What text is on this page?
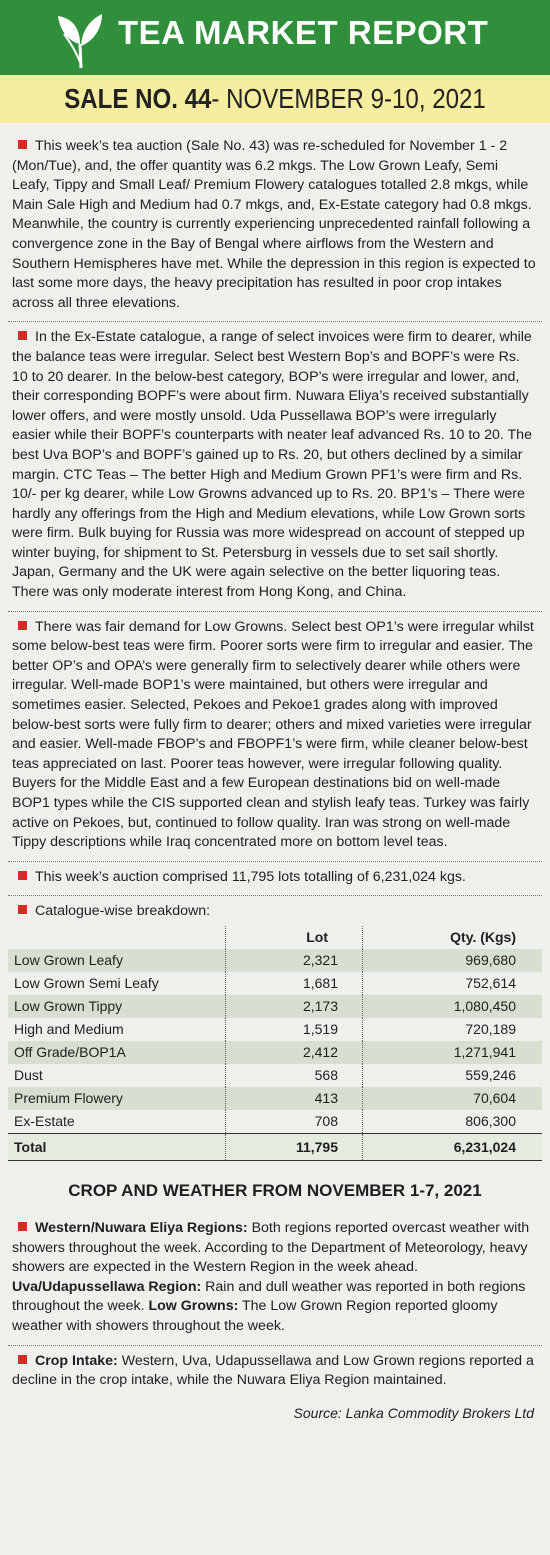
TEA MARKET REPORT
SALE NO. 44- NOVEMBER 9-10, 2021

This week’s tea auction (Sale No. 43) was re-scheduled for November 1 - 2 (Mon/Tue), and, the offer quantity was 6.2 mkgs. The Low Grown Leafy, Semi Leafy, Tippy and Small Leaf/ Premium Flowery catalogues totalled 2.8 mkgs, while Main Sale High and Medium had 0.7 mkgs, and, Ex-Estate category had 0.8 mkgs. Meanwhile, the country is currently experiencing unprecedented rainfall following a convergence zone in the Bay of Bengal where airflows from the Western and Southern Hemispheres have met. While the depression in this region is expected to last some more days, the heavy precipitation has resulted in poor crop intakes across all three elevations.

In the Ex-Estate catalogue, a range of select invoices were firm to dearer, while the balance teas were irregular. Select best Western Bop’s and BOPF’s were Rs. 10 to 20 dearer. In the below-best category, BOP’s were irregular and lower, and, their corresponding BOPF’s were about firm. Nuwara Eliya’s received substantially lower offers, and were mostly unsold. Uda Pussellawa BOP’s were irregularly easier while their BOPF’s counterparts with neater leaf advanced Rs. 10 to 20. The best Uva BOP’s and BOPF’s gained up to Rs. 20, but others declined by a similar margin. CTC Teas – The better High and Medium Grown PF1’s were firm and Rs. 10/- per kg dearer, while Low Growns advanced up to Rs. 20. BP1’s – There were hardly any offerings from the High and Medium elevations, while Low Grown sorts were firm. Bulk buying for Russia was more widespread on account of stepped up winter buying, for shipment to St. Petersburg in vessels due to set sail shortly. Japan, Germany and the UK were again selective on the better liquoring teas. There was only moderate interest from Hong Kong, and China.

There was fair demand for Low Growns. Select best OP1’s were irregular whilst some below-best teas were firm. Poorer sorts were firm to irregular and easier. The better OP’s and OPA’s were generally firm to selectively dearer while others were irregular. Well-made BOP1’s were maintained, but others were irregular and sometimes easier. Selected, Pekoes and Pekoe1 grades along with improved below-best sorts were fully firm to dearer; others and mixed varieties were irregular and easier. Well-made FBOP’s and FBOPF1’s were firm, while cleaner below-best teas appreciated on last. Poorer teas however, were irregular following quality. Buyers for the Middle East and a few European destinations bid on well-made BOP1 types while the CIS supported clean and stylish leafy teas. Turkey was fairly active on Pekoes, but, continued to follow quality. Iran was strong on well-made Tippy descriptions while Iraq concentrated more on bottom level teas.

This week’s auction comprised 11,795 lots totalling of 6,231,024 kgs.

Catalogue-wise breakdown:

	Lot	Qty. (Kgs)
Low Grown Leafy	2,321	969,680
Low Grown Semi Leafy	1,681	752,614
Low Grown Tippy	2,173	1,080,450
High and Medium	1,519	720,189
Off Grade/BOP1A	2,412	1,271,941
Dust	568	559,246
Premium Flowery	413	70,604
Ex-Estate	708	806,300
Total	11,795	6,231,024
CROP AND WEATHER FROM NOVEMBER 1-7, 2021

Western/Nuwara Eliya Regions: Both regions reported overcast weather with showers throughout the week. According to the Department of Meteorology, heavy showers are expected in the Western Region in the week ahead. Uva/Udapussellawa Region: Rain and dull weather was reported in both regions throughout the week. Low Growns: The Low Grown Region reported gloomy weather with showers throughout the week.

Crop Intake: Western, Uva, Udapussellawa and Low Grown regions reported a decline in the crop intake, while the Nuwara Eliya Region maintained.

Source: Lanka Commodity Brokers Ltd
